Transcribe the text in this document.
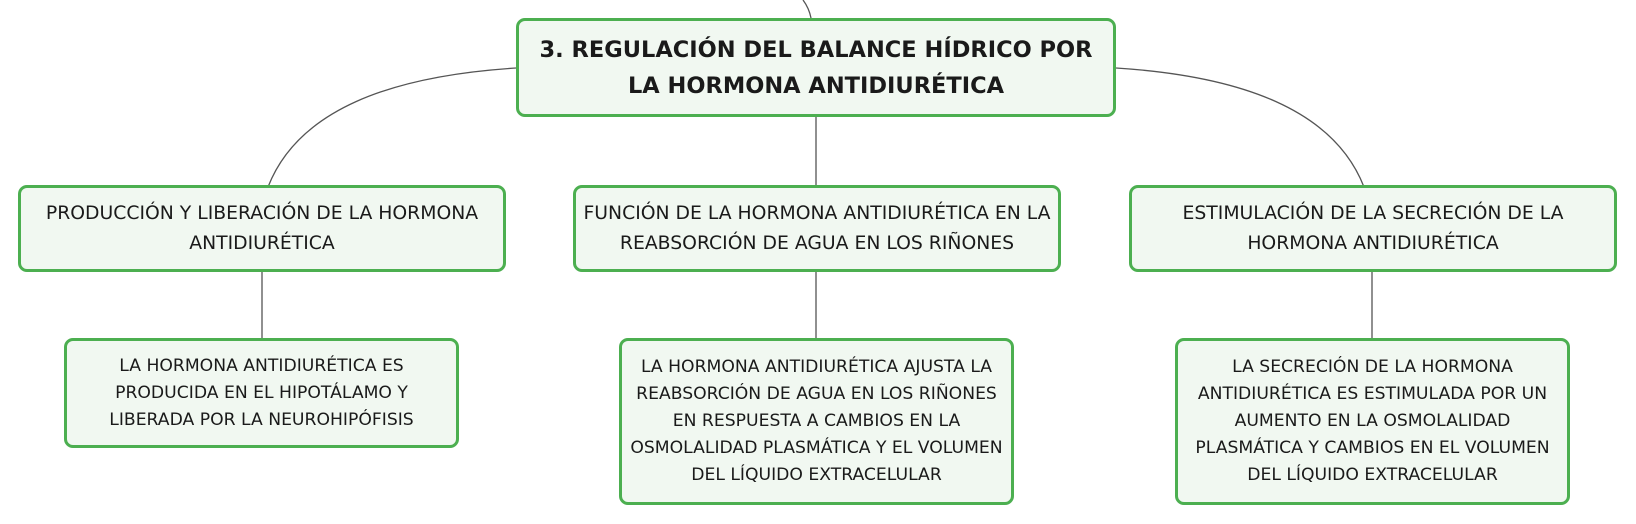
3. REGULACIÓN DEL BALANCE HÍDRICO POR LA HORMONA ANTIDIURÉTICA
PRODUCCIÓN Y LIBERACIÓN DE LA HORMONA ANTIDIURÉTICA
FUNCIÓN DE LA HORMONA ANTIDIURÉTICA EN LA REABSORCIÓN DE AGUA EN LOS RIÑONES
ESTIMULACIÓN DE LA SECRECIÓN DE LA HORMONA ANTIDIURÉTICA
LA HORMONA ANTIDIURÉTICA ES PRODUCIDA EN EL HIPOTÁLAMO Y LIBERADA POR LA NEUROHIPÓFISIS
LA HORMONA ANTIDIURÉTICA AJUSTA LA REABSORCIÓN DE AGUA EN LOS RIÑONES EN RESPUESTA A CAMBIOS EN LA OSMOLALIDAD PLASMÁTICA Y EL VOLUMEN DEL LÍQUIDO EXTRACELULAR
LA SECRECIÓN DE LA HORMONA ANTIDIURÉTICA ES ESTIMULADA POR UN AUMENTO EN LA OSMOLALIDAD PLASMÁTICA Y CAMBIOS EN EL VOLUMEN DEL LÍQUIDO EXTRACELULAR
